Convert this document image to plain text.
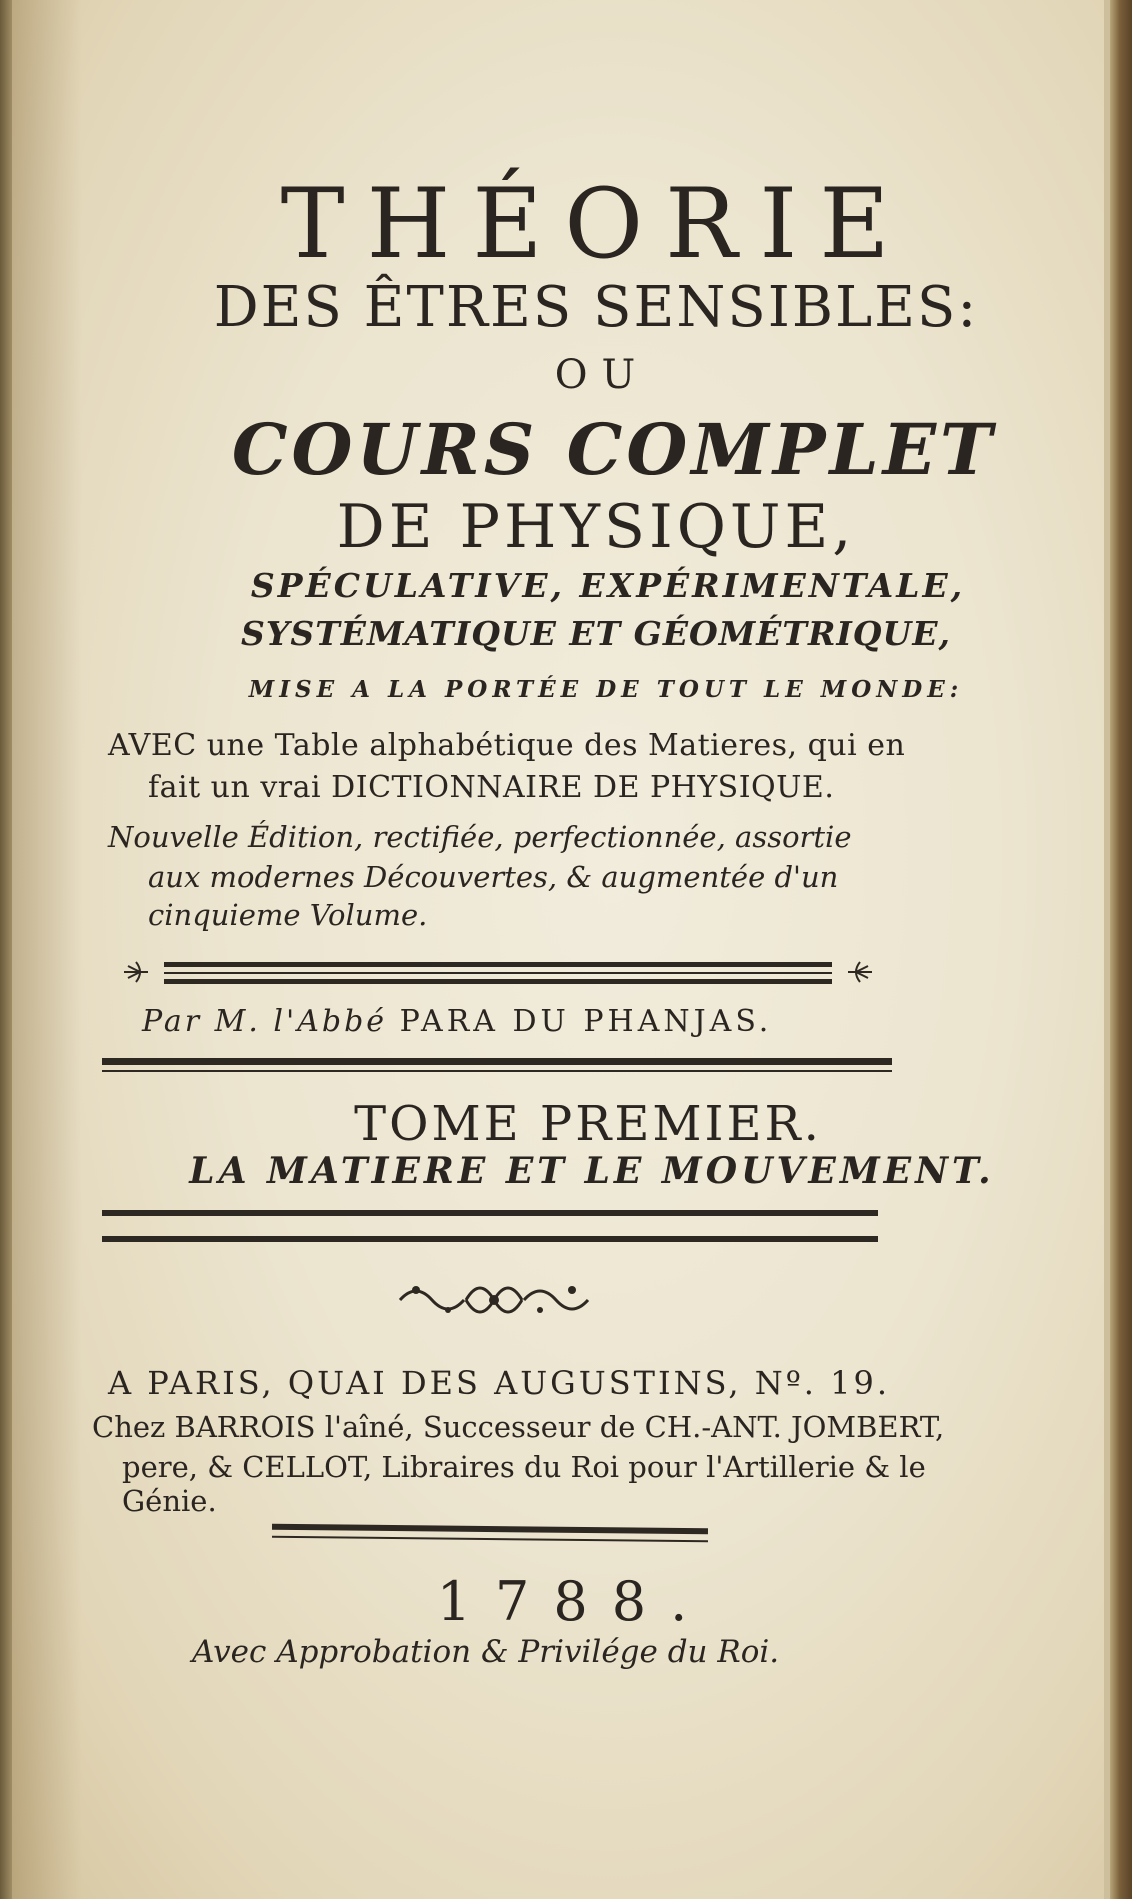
THÉORIE
DES ÊTRES SENSIBLES:
OU
COURS COMPLET
DE PHYSIQUE,
SPÉCULATIVE, EXPÉRIMENTALE,
SYSTÉMATIQUE ET GÉOMÉTRIQUE,
MISE A LA PORTÉE DE TOUT LE MONDE:
AVEC une Table alphabétique des Matieres, qui en
fait un vrai DICTIONNAIRE DE PHYSIQUE.
Nouvelle Édition, rectifiée, perfectionnée, assortie
aux modernes Découvertes, & augmentée d'un
cinquieme Volume.
Par M. l'Abbé PARA DU PHANJAS.
TOME PREMIER.
LA MATIERE ET LE MOUVEMENT.
A PARIS, QUAI DES AUGUSTINS, Nº. 19.
Chez BARROIS l'aîné, Successeur de CH.-ANT. JOMBERT,
pere, & CELLOT, Libraires du Roi pour l'Artillerie & le
Génie.
1788.
Avec Approbation & Privilége du Roi.
